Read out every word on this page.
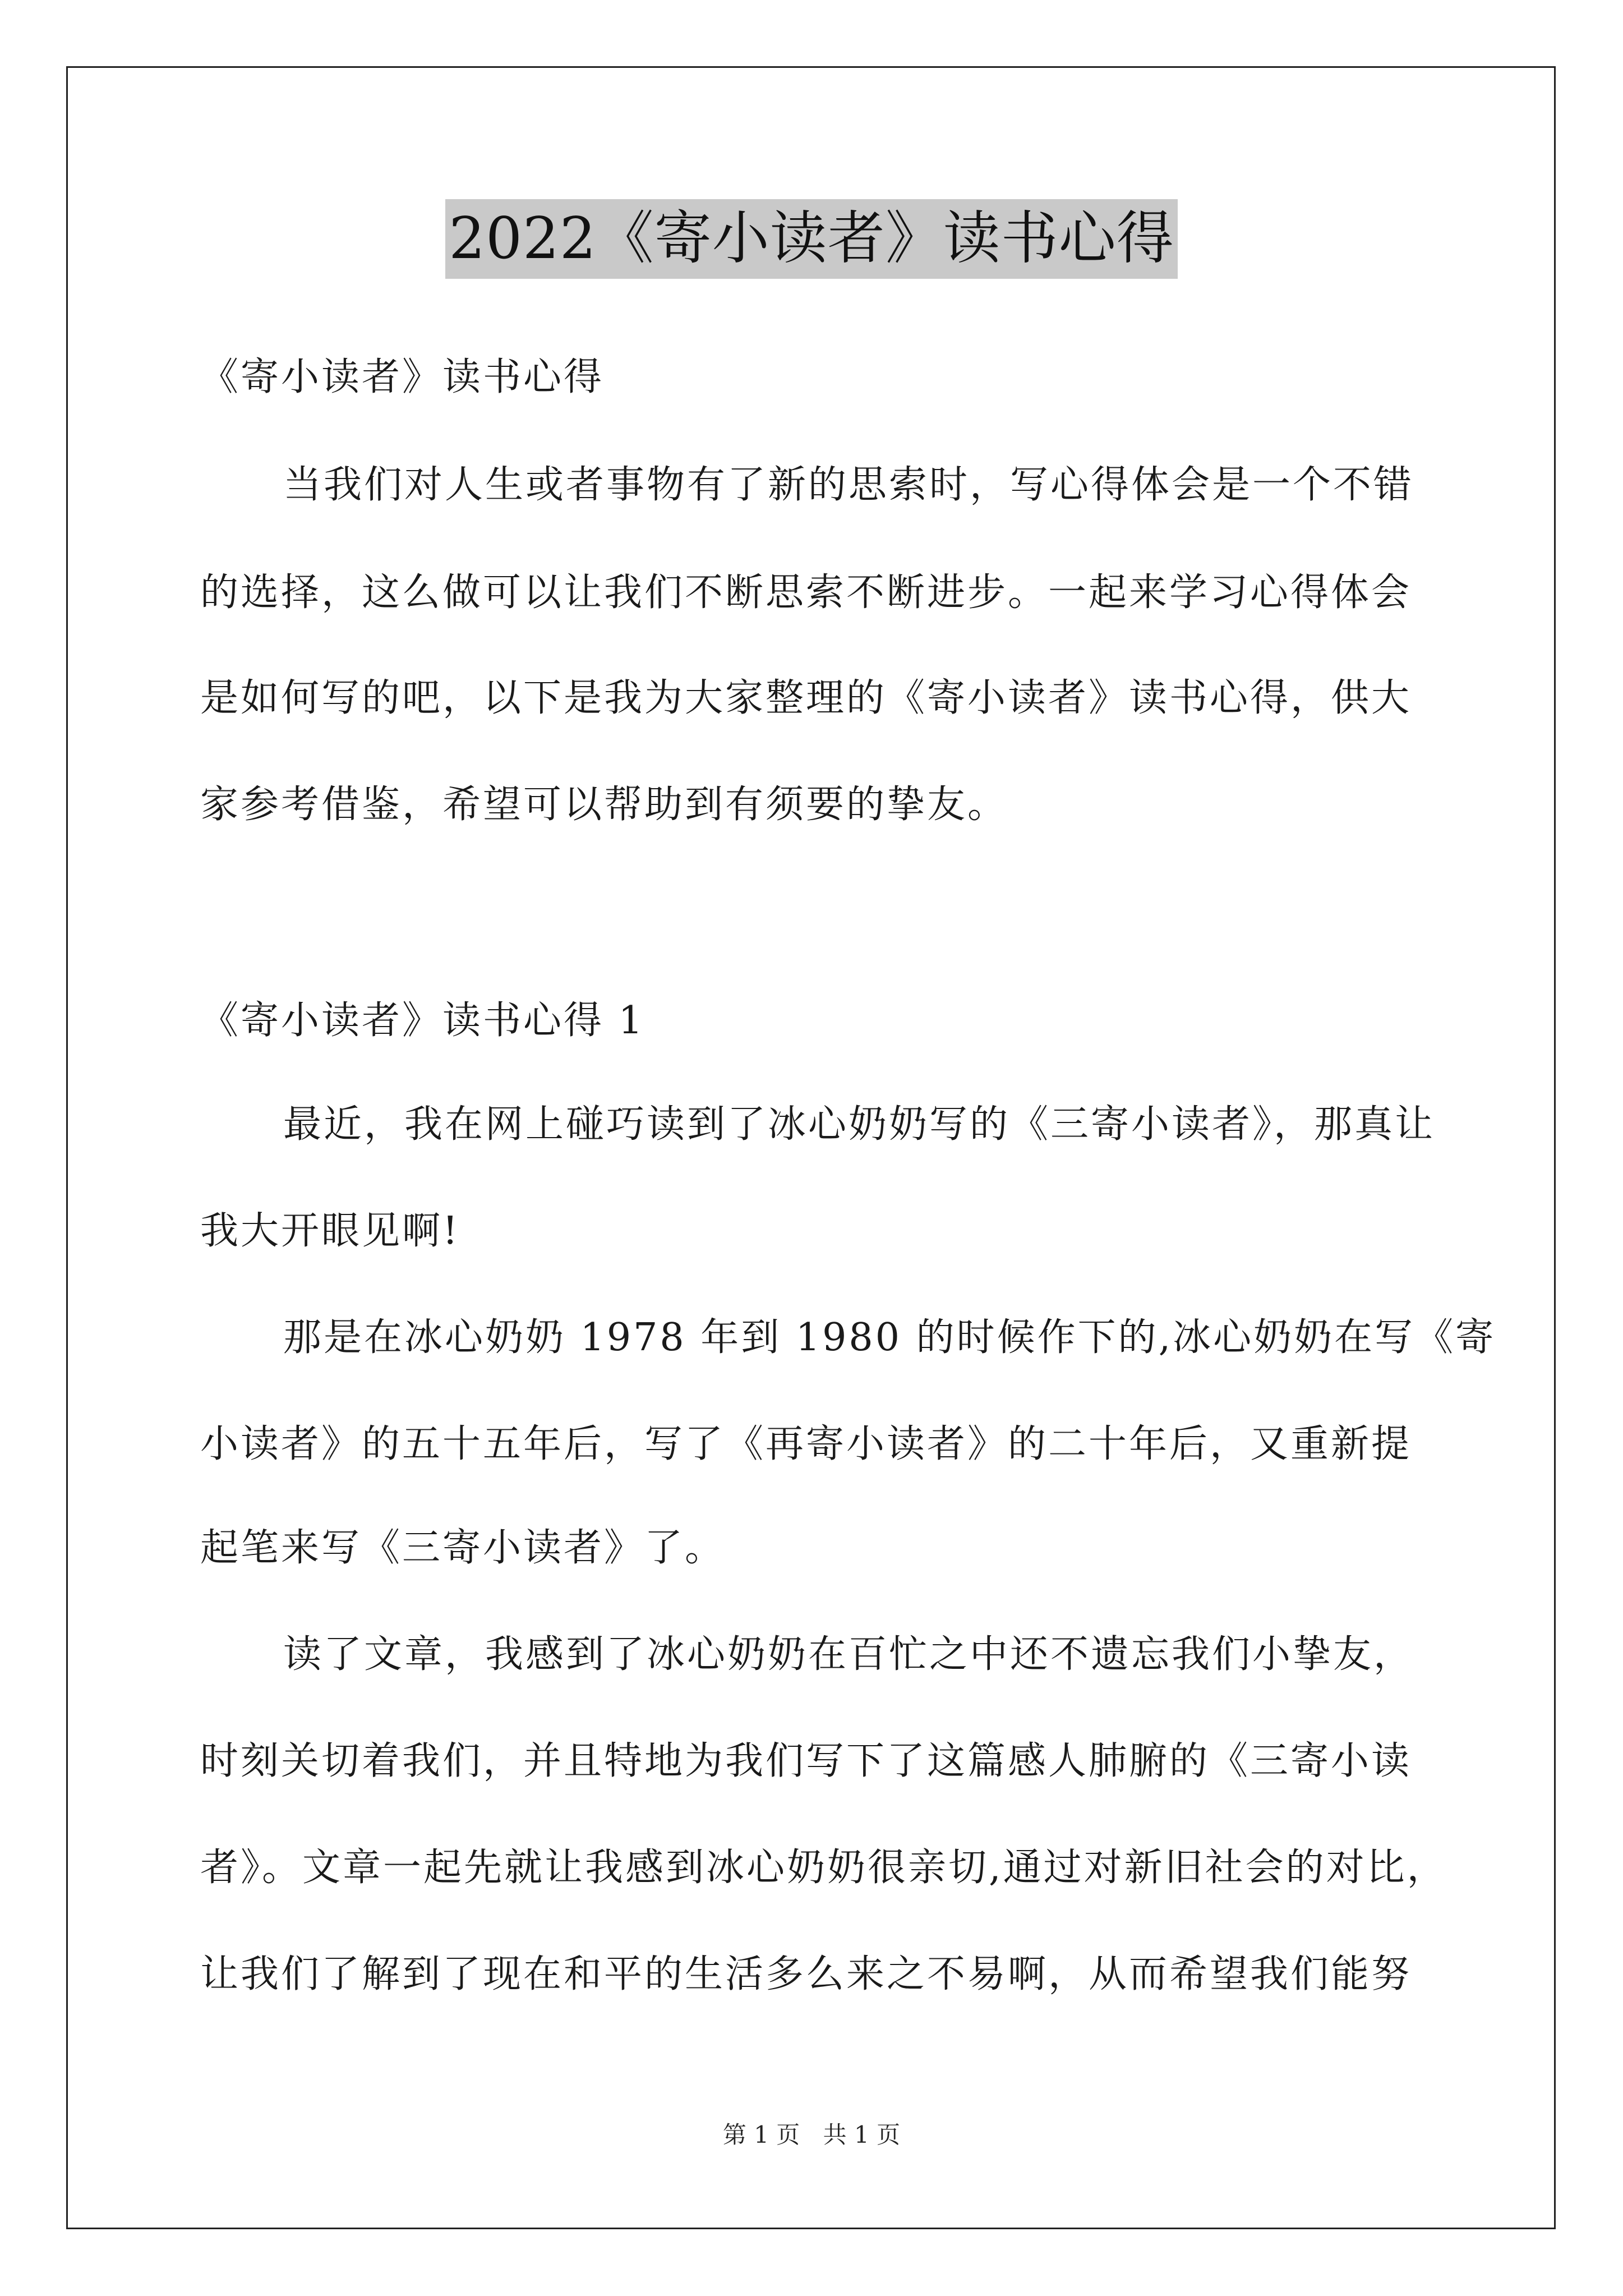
2022《寄小读者》读书心得
《寄小读者》读书心得
当我们对人生或者事物有了新的思索时，写心得体会是一个不错
的选择，这么做可以让我们不断思索不断进步。一起来学习心得体会
是如何写的吧，以下是我为大家整理的《寄小读者》读书心得，供大
家参考借鉴，希望可以帮助到有须要的挚友。
《寄小读者》读书心得 1
最近，我在网上碰巧读到了冰心奶奶写的《三寄小读者》，那真让
我大开眼见啊!
那是在冰心奶奶 1978 年到 1980 的时候作下的,冰心奶奶在写《寄
小读者》的五十五年后，写了《再寄小读者》的二十年后，又重新提
起笔来写《三寄小读者》了。
读了文章，我感到了冰心奶奶在百忙之中还不遗忘我们小挚友，
时刻关切着我们，并且特地为我们写下了这篇感人肺腑的《三寄小读
者》。文章一起先就让我感到冰心奶奶很亲切,通过对新旧社会的对比，
让我们了解到了现在和平的生活多么来之不易啊，从而希望我们能努
第 1 页 共 1 页
